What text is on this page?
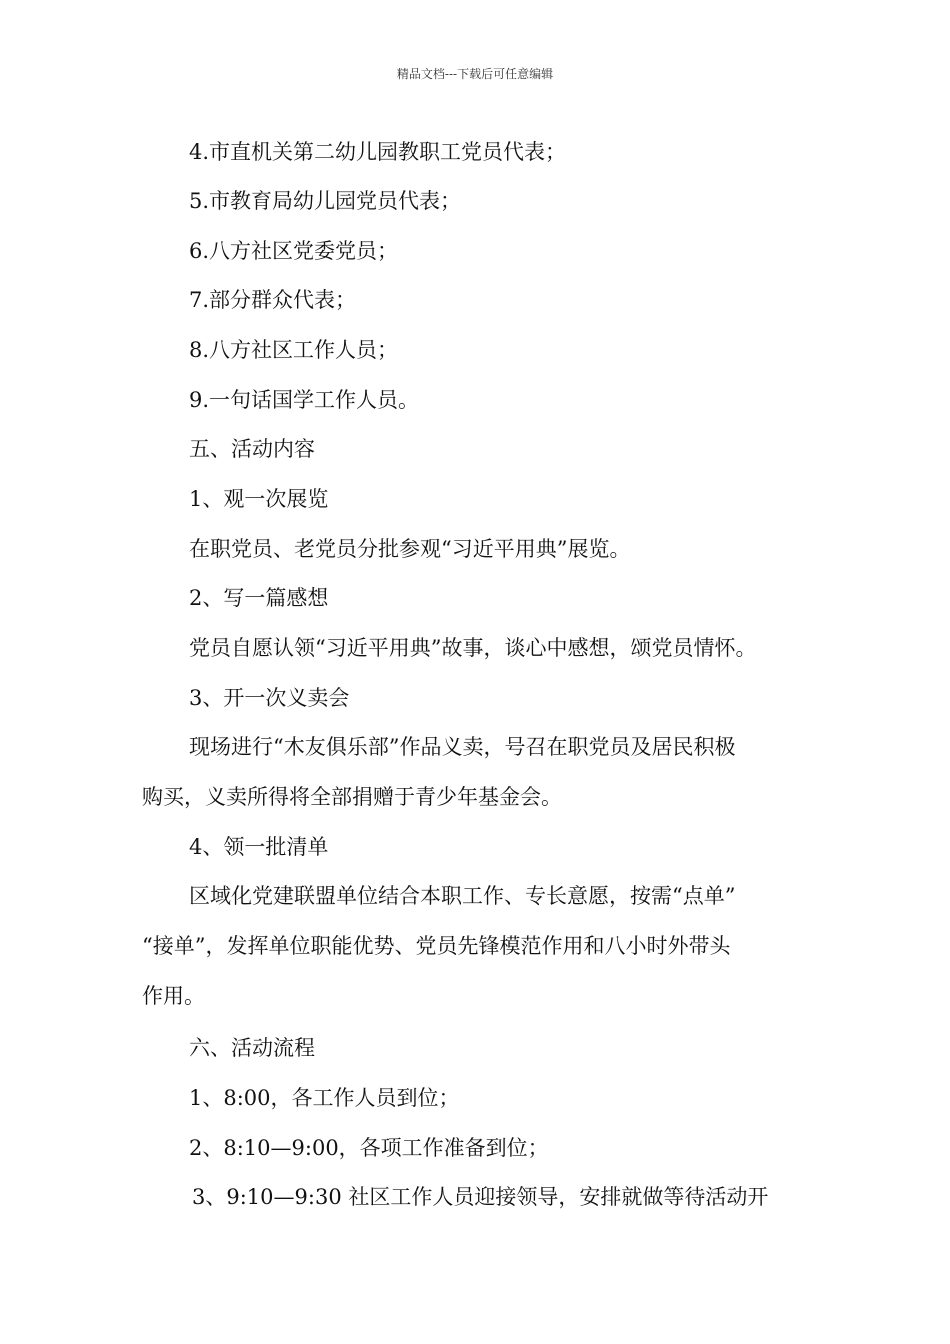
精品文档---下载后可任意编辑
4.市直机关第二幼儿园教职工党员代表；
5.市教育局幼儿园党员代表；
6.八方社区党委党员；
7.部分群众代表；
8.八方社区工作人员；
9.一句话国学工作人员。
五、活动内容
1、观一次展览
在职党员、老党员分批参观“习近平用典”展览。
2、写一篇感想
党员自愿认领“习近平用典”故事，谈心中感想，颂党员情怀。
3、开一次义卖会
现场进行“木友俱乐部”作品义卖，号召在职党员及居民积极
购买，义卖所得将全部捐赠于青少年基金会。
4、领一批清单
区域化党建联盟单位结合本职工作、专长意愿，按需“点单”
“接单”，发挥单位职能优势、党员先锋模范作用和八小时外带头
作用。
六、活动流程
1、8:00，各工作人员到位；
2、8:10—9:00，各项工作准备到位；
3、9:10—9:30 社区工作人员迎接领导，安排就做等待活动开
